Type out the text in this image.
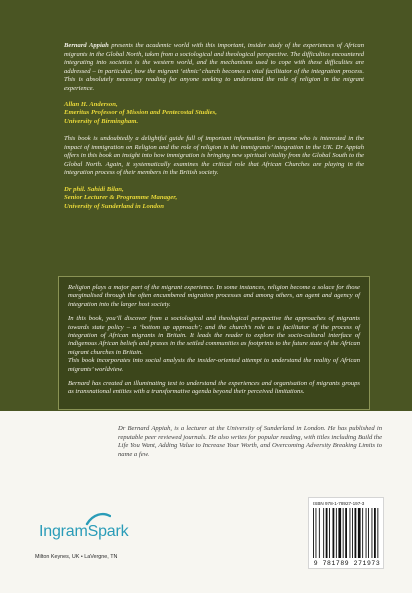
Bernard Appiah presents the academic world with this important, insider study of the experiences of African migrants in the Global North, taken from a sociological and theological perspective. The difficulties encountered integrating into societies is the western world, and the mechanisms used to cope with these difficulties are addressed – in particular, how the migrant ‘ethnic’ church becomes a vital facilitator of the integration process. This is absolutely necessary reading for anyone seeking to understand the role of religion in the migrant experience.

Allan H. Anderson,
Emeritus Professor of Mission and Pentecostal Studies,
University of Birmingham.

This book is undoubtedly a delightful guide full of important information for anyone who is interested in the impact of immigration on Religion and the role of religion in the immigrants’ integration in the UK. Dr Appiah offers in this book an insight into how immigration is bringing new spiritual vitality from the Global South to the Global North. Again, it systematically examines the critical role that African Churches are playing in the integration process of their members in the British society.

Dr phil. Sahidi Bilan,
Senior Lecturer & Programme Manager,
University of Sunderland in London

Religion plays a major part of the migrant experience. In some instances, religion become a solace for those marginalised through the often encumbered migration processes and among others, an agent and agency of integration into the larger host society.

In this book, you’ll discover from a sociological and theological perspective the approaches of migrants towards state policy – a ‘bottom up approach’; and the church’s role as a facilitator of the process of integration of African migrants in Britain. It leads the reader to explore the socio-cultural interface of indigenous African beliefs and praxes in the settled communities as footprints to the future state of the African migrant churches in Britain.

This book incorporates into social analysis the insider-oriented attempt to understand the reality of African migrants’ worldview.

Bernard has created an illuminating text to understand the experiences and organisation of migrants groups as transnational entities with a transformative agenda beyond their perceived limitations.

Dr Bernard Appiah, is a lecturer at the University of Sunderland in London. He has published in reputable peer reviewed journals. He also writes for popular reading, with titles including Build the Life You Want, Adding Value to Increase Your Worth, and Overcoming Adversity Breaking Limits to name a few.
IngramSpark
Milton Keynes, UK • LaVergne, TN
ISBN 978-1-78927-197-3
9 781789 271973
